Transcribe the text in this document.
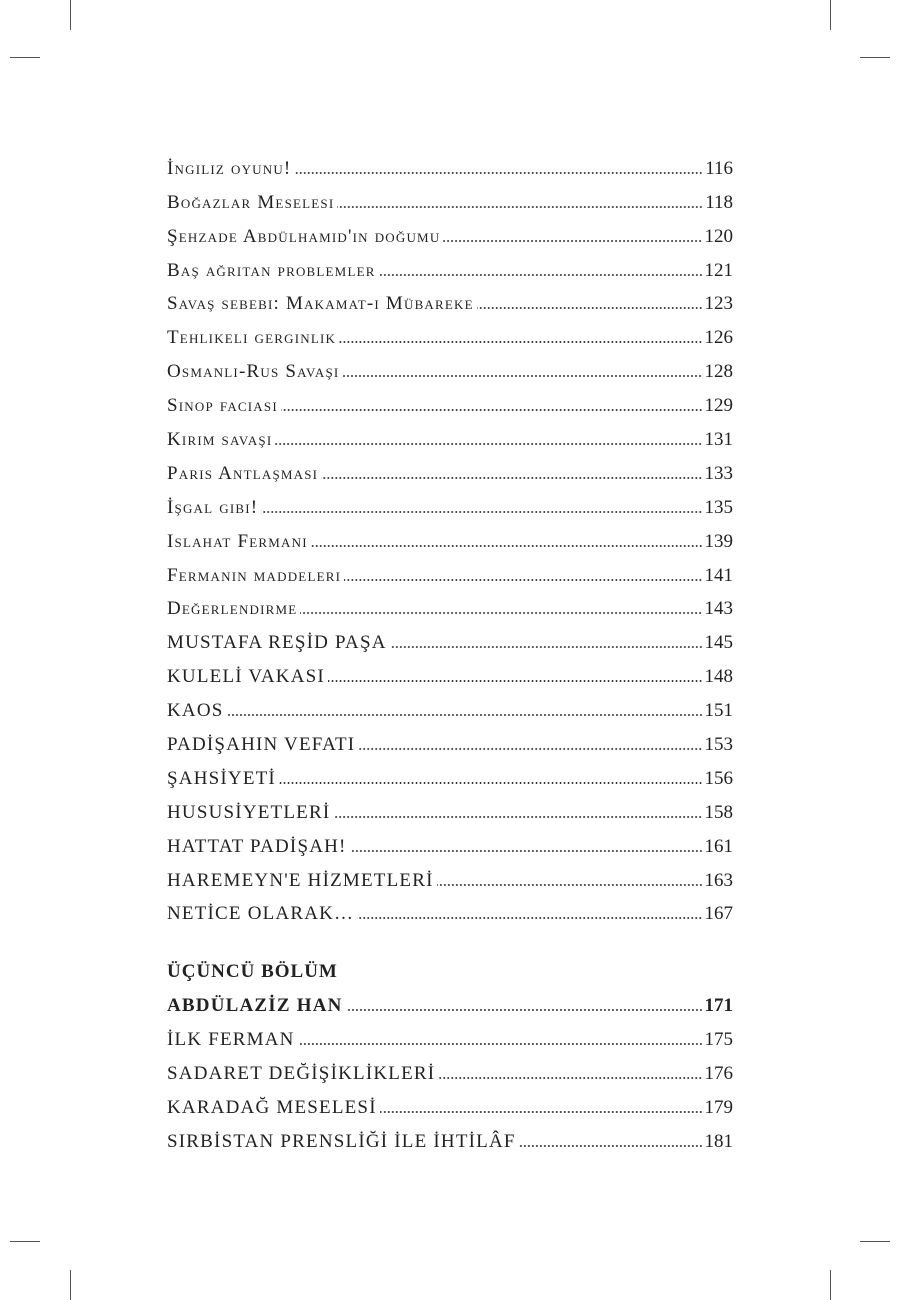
İngiliz oyunu!	116
Boğazlar Meselesi	118
Şehzade Abdülhamid'in doğumu	120
Baş ağrıtan problemler	121
Savaş sebebi: Makamat-ı Mübareke	123
Tehlikeli gerginlik	126
Osmanlı-Rus Savaşı	128
Sinop faciası	129
Kırım savaşı	131
Paris Antlaşması	133
İşgal gibi!	135
Islahat Fermanı	139
Fermanın maddeleri	141
Değerlendirme	143
MUSTAFA REŞİD PAŞA	145
KULELİ VAKASI	148
KAOS	151
PADİŞAHIN VEFATI	153
ŞAHSİYETİ	156
HUSUSİYETLERİ	158
HATTAT PADİŞAH!	161
HAREMEYN'E HİZMETLERİ	163
NETİCE OLARAK…	167
ÜÇÜNCÜ BÖLÜM
ABDÜLAZİZ HAN	171
İLK FERMAN	175
SADARET DEĞİŞİKLİKLERİ	176
KARADAĞ MESELESİ	179
SIRBİSTAN PRENSLİĞİ İLE İHTİLÂF	181
